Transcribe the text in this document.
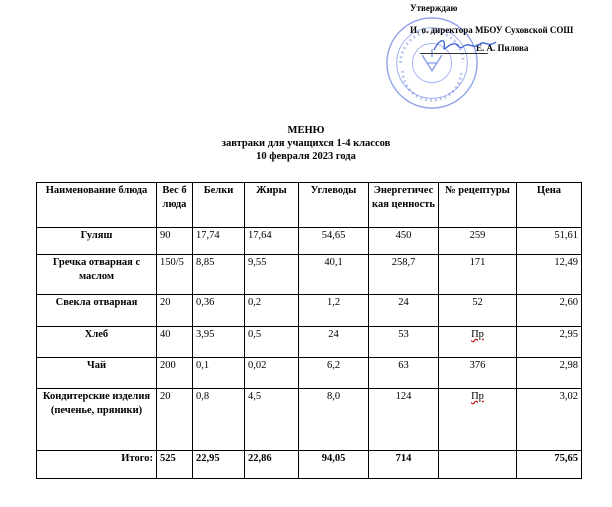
Утверждаю
И. о. директора МБОУ Суховской СОШ
Е. А. Пилова
МЕНЮ
завтраки для учащихся 1-4 классов
10 февраля 2023 года
Наименование блюда	Вес блюда	Белки	Жиры	Углеводы	Энергетическая ценность	№ рецептуры	Цена
Гуляш	90	17,74	17,64	54,65	450	259	51,61
Гречка отварная с маслом	150/5	8,85	9,55	40,1	258,7	171	12,49
Свекла отварная	20	0,36	0,2	1,2	24	52	2,60
Хлеб	40	3,95	0,5	24	53	Пр	2,95
Чай	200	0,1	0,02	6,2	63	376	2,98
Кондитерские изделия (печенье, пряники)	20	0,8	4,5	8,0	124	Пр	3,02
Итого:	525	22,95	22,86	94,05	714		75,65
